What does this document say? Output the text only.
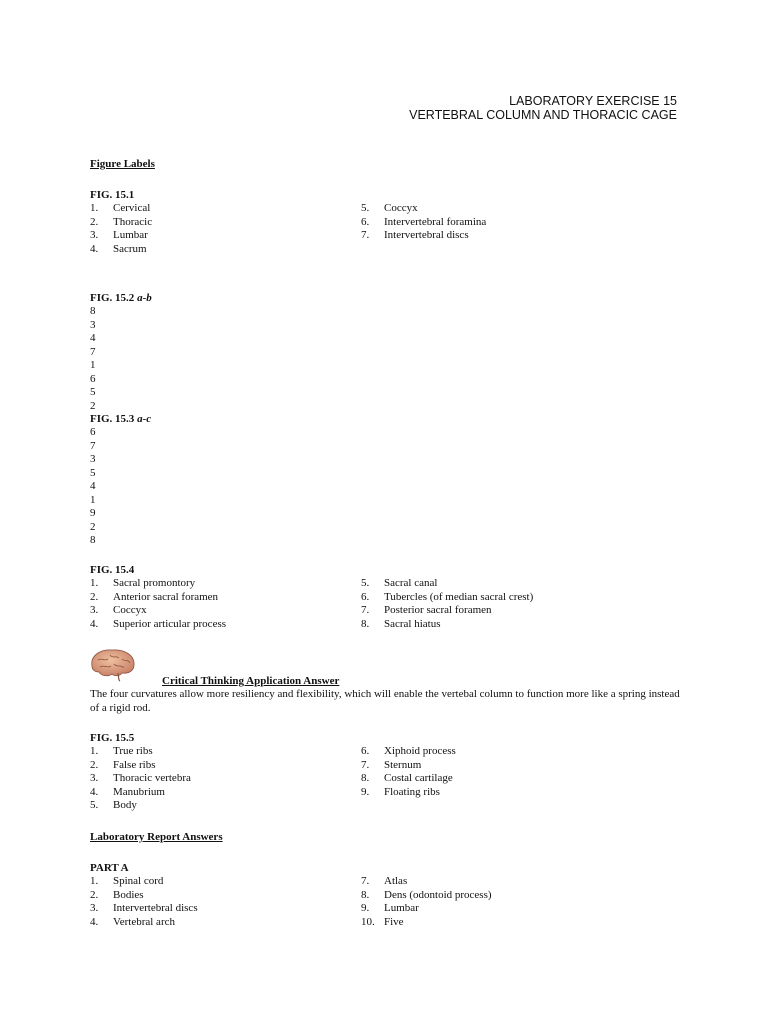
LABORATORY EXERCISE 15
VERTEBRAL COLUMN AND THORACIC CAGE
Figure Labels
FIG. 15.1
1. Cervical
2. Thoracic
3. Lumbar
4. Sacrum
5. Coccyx
6. Intervertebral foramina
7. Intervertebral discs
FIG. 15.2 a-b
8
3
4
7
1
6
5
2
FIG. 15.3 a-c
6
7
3
5
4
1
9
2
8
FIG. 15.4
1. Sacral promontory
2. Anterior sacral foramen
3. Coccyx
4. Superior articular process
5. Sacral canal
6. Tubercles (of median sacral crest)
7. Posterior sacral foramen
8. Sacral hiatus
Critical Thinking Application Answer

The four curvatures allow more resiliency and flexibility, which will enable the vertebal column to function more like a spring instead of a rigid rod.

FIG. 15.5
1. True ribs
2. False ribs
3. Thoracic vertebra
4. Manubrium
5. Body
6. Xiphoid process
7. Sternum
8. Costal cartilage
9. Floating ribs
Laboratory Report Answers
PART A
1. Spinal cord
2. Bodies
3. Intervertebral discs
4. Vertebral arch
7. Atlas
8. Dens (odontoid process)
9. Lumbar
10. Five
